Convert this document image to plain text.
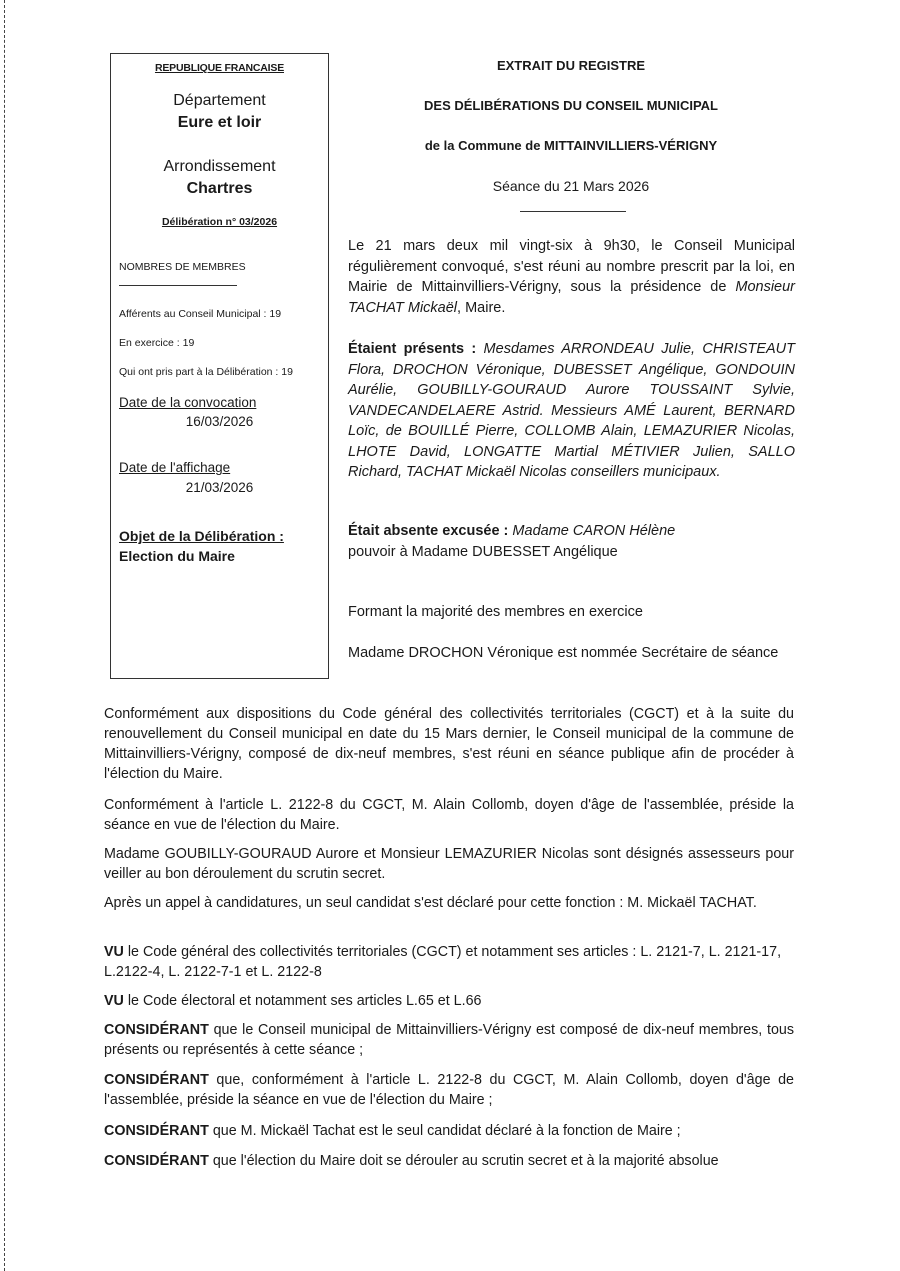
REPUBLIQUE FRANCAISE
Département
Eure et loir
Arrondissement
Chartres
Délibération n° 03/2026
NOMBRES DE MEMBRES
Afférents au Conseil Municipal : 19
En exercice : 19
Qui ont pris part à la Délibération : 19
Date de la convocation
16/03/2026
Date de l'affichage
21/03/2026
Objet de la Délibération :
Election du Maire
EXTRAIT DU REGISTRE
DES DÉLIBÉRATIONS DU CONSEIL MUNICIPAL
de la Commune de MITTAINVILLIERS-VÉRIGNY
Séance du 21 Mars 2026
Le 21 mars deux mil vingt-six à 9h30, le Conseil Municipal régulièrement convoqué, s'est réuni au nombre prescrit par la loi, en Mairie de Mittainvilliers-Vérigny, sous la présidence de Monsieur TACHAT Mickaël, Maire.
Étaient présents : Mesdames ARRONDEAU Julie, CHRISTEAUT Flora, DROCHON Véronique, DUBESSET Angélique, GONDOUIN Aurélie, GOUBILLY-GOURAUD Aurore TOUSSAINT Sylvie, VANDECANDELAERE Astrid. Messieurs AMÉ Laurent, BERNARD Loïc, de BOUILLÉ Pierre, COLLOMB Alain, LEMAZURIER Nicolas, LHOTE David, LONGATTE Martial MÉTIVIER Julien, SALLO Richard, TACHAT Mickaël Nicolas conseillers municipaux.
Était absente excusée : Madame CARON Hélène
pouvoir à Madame DUBESSET Angélique
Formant la majorité des membres en exercice
Madame DROCHON Véronique est nommée Secrétaire de séance
Conformément aux dispositions du Code général des collectivités territoriales (CGCT) et à la suite du renouvellement du Conseil municipal en date du 15 Mars dernier, le Conseil municipal de la commune de Mittainvilliers-Vérigny, composé de dix-neuf membres, s'est réuni en séance publique afin de procéder à l'élection du Maire.
Conformément à l'article L. 2122-8 du CGCT, M. Alain Collomb, doyen d'âge de l'assemblée, préside la séance en vue de l'élection du Maire.
Madame GOUBILLY-GOURAUD Aurore et Monsieur LEMAZURIER Nicolas sont désignés assesseurs pour veiller au bon déroulement du scrutin secret.
Après un appel à candidatures, un seul candidat s'est déclaré pour cette fonction : M. Mickaël TACHAT.
VU le Code général des collectivités territoriales (CGCT) et notamment ses articles : L. 2121-7, L. 2121-17, L.2122-4, L. 2122-7-1 et L. 2122-8
VU le Code électoral et notamment ses articles L.65 et L.66
CONSIDÉRANT que le Conseil municipal de Mittainvilliers-Vérigny est composé de dix-neuf membres, tous présents ou représentés à cette séance ;
CONSIDÉRANT que, conformément à l'article L. 2122-8 du CGCT, M. Alain Collomb, doyen d'âge de l'assemblée, préside la séance en vue de l'élection du Maire ;
CONSIDÉRANT que M. Mickaël Tachat est le seul candidat déclaré à la fonction de Maire ;
CONSIDÉRANT que l'élection du Maire doit se dérouler au scrutin secret et à la majorité absolue
